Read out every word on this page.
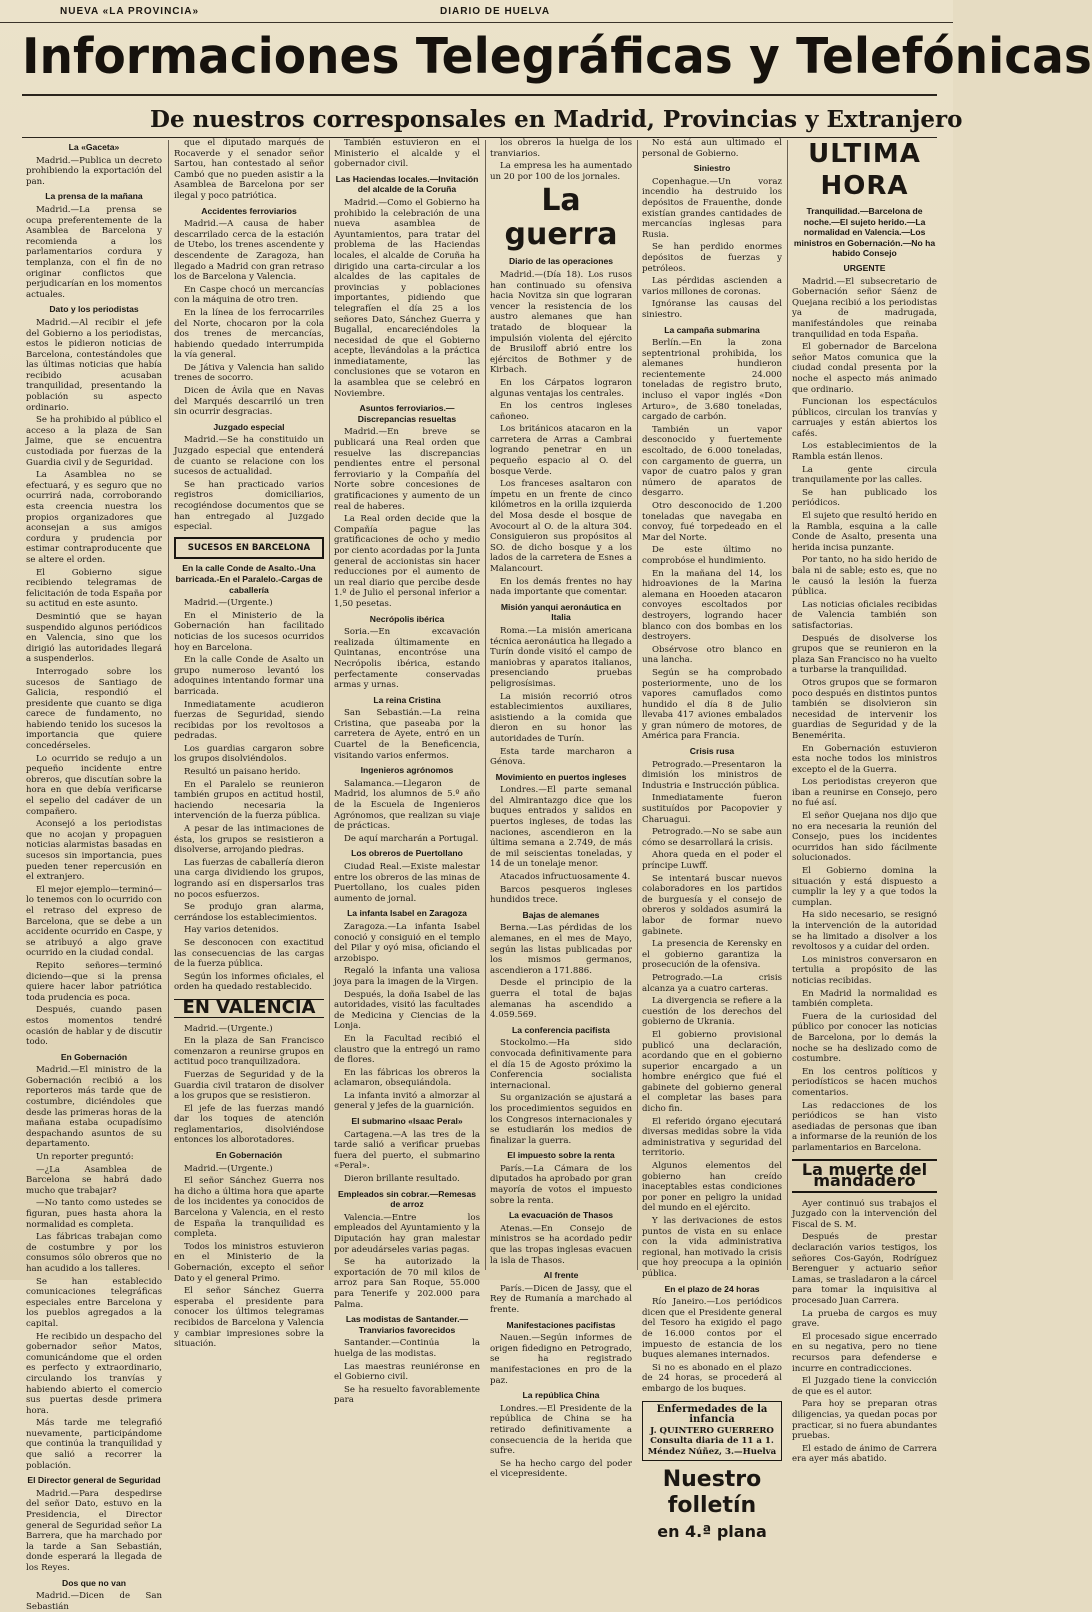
NUEVA «LA PROVINCIA»	DIARIO DE HUELVA
Informaciones Telegráficas y Telefónicas
De nuestros corresponsales en Madrid, Provincias y Extranjero
La «Gaceta»

Madrid.—Publica un decreto prohibiendo la exportación del pan.

La prensa de la mañana

Madrid.—La prensa se ocupa preferentemente de la Asamblea de Barcelona y recomienda a los parlamentarios cordura y templanza, con el fin de no originar conflictos que perjudicarían en los momentos actuales.

Dato y los periodistas

Madrid.—Al recibir el jefe del Gobierno a los periodistas, estos le pidieron noticias de Barcelona, contestándoles que las últimas noticias que había recibido acusaban tranquilidad, presentando la población su aspecto ordinario.

Se ha prohibido al público el acceso a la plaza de San Jaime, que se encuentra custodiada por fuerzas de la Guardia civil y de Seguridad.

La Asamblea no se efectuará, y es seguro que no ocurrirá nada, corroborando esta creencia nuestra los propios organizadores que aconsejan a sus amigos cordura y prudencia por estimar contraproducente que se altere el orden.

El Gobierno sigue recibiendo telegramas de felicitación de toda España por su actitud en este asunto.

Desmintió que se hayan suspendido algunos periódicos en Valencia, sino que los dirigió las autoridades llegará a suspenderlos.

Interrogado sobre los sucesos de Santiago de Galicia, respondió el presidente que cuanto se diga carece de fundamento, no habiendo tenido los sucesos la importancia que quiere concedérseles.

Lo ocurrido se redujo a un pequeño incidente entre obreros, que discutían sobre la hora en que debía verificarse el sepelio del cadáver de un compañero.

Aconsejó a los periodistas que no acojan y propaguen noticias alarmistas basadas en sucesos sin importancia, pues pueden tener repercusión en el extranjero.

El mejor ejemplo—terminó—lo tenemos con lo ocurrido con el retraso del expreso de Barcelona, que se debe a un accidente ocurrido en Caspe, y se atribuyó a algo grave ocurrido en la ciudad condal.

Repito señores—terminó diciendo—que si la prensa quiere hacer labor patriótica toda prudencia es poca.

Después, cuando pasen estos momentos tendré ocasión de hablar y de discutir todo.

En Gobernación

Madrid.—El ministro de la Gobernación recibió a los reporteros más tarde que de costumbre, diciéndoles que desde las primeras horas de la mañana estaba ocupadísimo despachando asuntos de su departamento.

Un reporter preguntó:

—¿La Asamblea de Barcelona se habrá dado mucho que trabajar?

—No tanto como ustedes se figuran, pues hasta ahora la normalidad es completa.

Las fábricas trabajan como de costumbre y por los consumos sólo obreros que no han acudido a los talleres.

Se han establecido comunicaciones telegráficas especiales entre Barcelona y los pueblos agregados a la capital.

He recibido un despacho del gobernador señor Matos, comunicándome que el orden es perfecto y extraordinario, circulando los tranvías y habiendo abierto el comercio sus puertas desde primera hora.

Más tarde me telegrafió nuevamente, participándome que continúa la tranquilidad y que salió a recorrer la población.

El Director general de Seguridad

Madrid.—Para despedirse del señor Dato, estuvo en la Presidencia, el Director general de Seguridad señor La Barrera, que ha marchado por la tarde a San Sebastián, donde esperará la llegada de los Reyes.

Dos que no van

Madrid.—Dicen de San Sebastián

que el diputado marqués de Rocaverde y el senador señor Sartou, han contestado al señor Cambó que no pueden asistir a la Asamblea de Barcelona por ser ilegal y poco patriótica.

Accidentes ferroviarios

Madrid.—A causa de haber descarrilado cerca de la estación de Utebo, los trenes ascendente y descendente de Zaragoza, han llegado a Madrid con gran retraso los de Barcelona y Valencia.

En Caspe chocó un mercancías con la máquina de otro tren.

En la línea de los ferrocarriles del Norte, chocaron por la cola dos trenes de mercancías, habiendo quedado interrumpida la vía general.

De Játiva y Valencia han salido trenes de socorro.

Dicen de Ávila que en Navas del Marqués descarriló un tren sin ocurrir desgracias.

Juzgado especial

Madrid.—Se ha constituido un Juzgado especial que entenderá de cuanto se relacione con los sucesos de actualidad.

Se han practicado varios registros domiciliarios, recogiéndose documentos que se han entregado al Juzgado especial.

SUCESOS EN BARCELONA
En la calle Conde de Asalto.-Una barricada.-En el Paralelo.-Cargas de caballería

Madrid.—(Urgente.)

En el Ministerio de la Gobernación han facilitado noticias de los sucesos ocurridos hoy en Barcelona.

En la calle Conde de Asalto un grupo numeroso levantó los adoquines intentando formar una barricada.

Inmediatamente acudieron fuerzas de Seguridad, siendo recibidas por los revoltosos a pedradas.

Los guardias cargaron sobre los grupos disolviéndolos.

Resultó un paisano herido.

En el Paralelo se reunieron también grupos en actitud hostil, haciendo necesaria la intervención de la fuerza pública.

A pesar de las intimaciones de ésta, los grupos se resistieron a disolverse, arrojando piedras.

Las fuerzas de caballería dieron una carga dividiendo los grupos, logrando así en dispersarlos tras no pocos esfuerzos.

Se produjo gran alarma, cerrándose los establecimientos.

Hay varios detenidos.

Se desconocen con exactitud las consecuencias de las cargas de la fuerza pública.

Según los informes oficiales, el orden ha quedado restablecido.

EN VALENCIA

Madrid.—(Urgente.)

En la plaza de San Francisco comenzaron a reunirse grupos en actitud poco tranquilizadora.

Fuerzas de Seguridad y de la Guardia civil trataron de disolver a los grupos que se resistieron.

El jefe de las fuerzas mandó dar los toques de atención reglamentarios, disolviéndose entonces los alborotadores.

En Gobernación

Madrid.—(Urgente.)

El señor Sánchez Guerra nos ha dicho a última hora que aparte de los incidentes ya conocidos de Barcelona y Valencia, en el resto de España la tranquilidad es completa.

Todos los ministros estuvieron en el Ministerio de la Gobernación, excepto el señor Dato y el general Primo.

El señor Sánchez Guerra esperaba el presidente para conocer los últimos telegramas recibidos de Barcelona y Valencia y cambiar impresiones sobre la situación.

También estuvieron en el Ministerio el alcalde y el gobernador civil.

Las Haciendas locales.—Invitación del alcalde de la Coruña

Madrid.—Como el Gobierno ha prohibido la celebración de una nueva asamblea de Ayuntamientos, para tratar del problema de las Haciendas locales, el alcalde de Coruña ha dirigido una carta-circular a los alcaldes de las capitales de provincias y poblaciones importantes, pidiendo que telegrafíen el día 25 a los señores Dato, Sánchez Guerra y Bugallal, encareciéndoles la necesidad de que el Gobierno acepte, llevándolas a la práctica inmediatamente, las conclusiones que se votaron en la asamblea que se celebró en Noviembre.

Asuntos ferroviarios.—Discrepancias resueltas

Madrid.—En breve se publicará una Real orden que resuelve las discrepancias pendientes entre el personal ferroviario y la Compañía del Norte sobre concesiones de gratificaciones y aumento de un real de haberes.

La Real orden decide que la Compañía pague las gratificaciones de ocho y medio por ciento acordadas por la Junta general de accionistas sin hacer reducciones por el aumento de un real diario que percibe desde 1.º de Julio el personal inferior a 1,50 pesetas.

Necrópolis ibérica

Soria.—En excavación realizada últimamente en Quintanas, encontróse una Necrópolis ibérica, estando perfectamente conservadas armas y urnas.

La reina Cristina

San Sebastián.—La reina Cristina, que paseaba por la carretera de Ayete, entró en un Cuartel de la Beneficencia, visitando varios enfermos.

Ingenieros agrónomos

Salamanca.—Llegaron de Madrid, los alumnos de 5.º año de la Escuela de Ingenieros Agrónomos, que realizan su viaje de prácticas.

De aquí marcharán a Portugal.

Los obreros de Puertollano

Ciudad Real.—Existe malestar entre los obreros de las minas de Puertollano, los cuales piden aumento de jornal.

La infanta Isabel en Zaragoza

Zaragoza.—La infanta Isabel conoció y consiguió en el templo del Pilar y oyó misa, oficiando el arzobispo.

Regaló la infanta una valiosa joya para la imagen de la Virgen.

Después, la doña Isabel de las autoridades, visitó las facultades de Medicina y Ciencias de la Lonja.

En la Facultad recibió el claustro que la entregó un ramo de flores.

En las fábricas los obreros la aclamaron, obsequiándola.

La infanta invitó a almorzar al general y jefes de la guarnición.

El submarino «Isaac Peral»

Cartagena.—A las tres de la tarde salió a verificar pruebas fuera del puerto, el submarino «Peral».

Dieron brillante resultado.

Empleados sin cobrar.—Remesas de arroz

Valencia.—Entre los empleados del Ayuntamiento y la Diputación hay gran malestar por adeudárseles varias pagas.

Se ha autorizado la exportación de 70 mil kilos de arroz para San Roque, 55.000 para Tenerife y 202.000 para Palma.

Las modistas de Santander.—Tranviarios favorecidos

Santander.—Continúa la huelga de las modistas.

Las maestras reuniéronse en el Gobierno civil.

Se ha resuelto favorablemente para

los obreros la huelga de los tranviarios.

La empresa les ha aumentado un 20 por 100 de los jornales.

La guerra
Diario de las operaciones

Madrid.—(Día 18). Los rusos han continuado su ofensiva hacia Novitza sin que lograran vencer la resistencia de los austro alemanes que han tratado de bloquear la impulsión violenta del ejército de Brusiloff abrió entre los ejércitos de Bothmer y de Kirbach.

En los Cárpatos lograron algunas ventajas los centrales.

En los centros ingleses cañoneo.

Los británicos atacaron en la carretera de Arras a Cambrai logrando penetrar en un pequeño espacio al O. del bosque Verde.

Los franceses asaltaron con ímpetu en un frente de cinco kilómetros en la orilla izquierda del Mosa desde el bosque de Avocourt al O. de la altura 304. Consiguieron sus propósitos al SO. de dicho bosque y a los lados de la carretera de Esnes a Malancourt.

En los demás frentes no hay nada importante que comentar.

Misión yanqui aeronáutica en Italia

Roma.—La misión americana técnica aeronáutica ha llegado a Turín donde visitó el campo de maniobras y aparatos italianos, presenciando pruebas peligrosísimas.

La misión recorrió otros establecimientos auxiliares, asistiendo a la comida que dieron en su honor las autoridades de Turín.

Esta tarde marcharon a Génova.

Movimiento en puertos ingleses

Londres.—El parte semanal del Almirantazgo dice que los buques entrados y salidos en puertos ingleses, de todas las naciones, ascendieron en la última semana a 2.749, de más de mil seiscientas toneladas, y 14 de un tonelaje menor.

Atacados infructuosamente 4.

Barcos pesqueros ingleses hundidos trece.

Bajas de alemanes

Berna.—Las pérdidas de los alemanes, en el mes de Mayo, según las listas publicadas por los mismos germanos, ascendieron a 171.886.

Desde el principio de la guerra el total de bajas alemanas ha ascendido a 4.059.569.

La conferencia pacifista

Stockolmo.—Ha sido convocada definitivamente para el día 15 de Agosto próximo la Conferencia socialista internacional.

Su organización se ajustará a los procedimientos seguidos en los Congresos internacionales y se estudiarán los medios de finalizar la guerra.

El impuesto sobre la renta

París.—La Cámara de los diputados ha aprobado por gran mayoría de votos el impuesto sobre la renta.

La evacuación de Thasos

Atenas.—En Consejo de ministros se ha acordado pedir que las tropas inglesas evacuen la isla de Thasos.

Al frente

París.—Dicen de Jassy, que el Rey de Rumanía a marchado al frente.

Manifestaciones pacifistas

Nauen.—Según informes de origen fidedigno en Petrogrado, se ha registrado manifestaciones en pro de la paz.

La república China

Londres.—El Presidente de la república de China se ha retirado definitivamente a consecuencia de la herida que sufre.

Se ha hecho cargo del poder el vicepresidente.

No está aun ultimado el personal de Gobierno.

Siniestro

Copenhague.—Un voraz incendio ha destruido los depósitos de Frauenthe, donde existían grandes cantidades de mercancías inglesas para Rusia.

Se han perdido enormes depósitos de fuerzas y petróleos.

Las pérdidas ascienden a varios millones de coronas.

Ignóranse las causas del siniestro.

La campaña submarina

Berlín.—En la zona septentrional prohibida, los alemanes hundieron recientemente 24.000 toneladas de registro bruto, incluso el vapor inglés «Don Arturo», de 3.680 toneladas, cargado de carbón.

También un vapor desconocido y fuertemente escoltado, de 6.000 toneladas, con cargamento de guerra, un vapor de cuatro palos y gran número de aparatos de desgarro.

Otro desconocido de 1.200 toneladas que navegaba en convoy, fué torpedeado en el Mar del Norte.

De este último no comprobóse el hundimiento.

En la mañana del 14, los hidroaviones de la Marina alemana en Hooeden atacaron convoyes escoltados por destroyers, logrando hacer blanco con dos bombas en los destroyers.

Obsérvose otro blanco en una lancha.

Según se ha comprobado posteriormente, uno de los vapores camuflados como hundido el día 8 de Julio llevaba 417 aviones embalados y gran número de motores, de América para Francia.

Crisis rusa

Petrogrado.—Presentaron la dimisión los ministros de Industria e Instrucción pública.

Inmediatamente fueron sustituídos por Pacopovier y Charuagui.

Petrogrado.—No se sabe aun cómo se desarrollará la crisis.

Ahora queda en el poder el príncipe Luwff.

Se intentará buscar nuevos colaboradores en los partidos de burguesía y el consejo de obreros y soldados asumirá la labor de formar nuevo gabinete.

La presencia de Kerensky en el gobierno garantiza la prosecución de la ofensiva.

Petrogrado.—La crisis alcanza ya a cuatro carteras.

La divergencia se refiere a la cuestión de los derechos del gobierno de Ukrania.

El gobierno provisional publicó una declaración, acordando que en el gobierno superior encargado a un hombre enérgico que fué el gabinete del gobierno general el completar las bases para dicho fin.

El referido órgano ejecutará diversas medidas sobre la vida administrativa y seguridad del territorio.

Algunos elementos del gobierno han creído inaceptables estas condiciones por poner en peligro la unidad del mundo en el ejército.

Y las derivaciones de estos puntos de vista en su enlace con la vida administrativa regional, han motivado la crisis que hoy preocupa a la opinión pública.

En el plazo de 24 horas

Río Janeiro.—Los periódicos dicen que el Presidente general del Tesoro ha exigido el pago de 16.000 contos por el impuesto de estancia de los buques alemanes internados.

Si no es abonado en el plazo de 24 horas, se procederá al embargo de los buques.

Enfermedades de la infancia
J. QUINTERO GUERRERO
Consulta diaria de 11 a 1.
Méndez Núñez, 3.—Huelva
Nuestro folletín
en 4.ª plana
ULTIMA HORA
Tranquilidad.—Barcelona de noche.—El sujeto herido.—La normalidad en Valencia.—Los ministros en Gobernación.—No ha habido Consejo
URGENTE

Madrid.—El subsecretario de Gobernación señor Sáenz de Quejana recibió a los periodistas ya de madrugada, manifestándoles que reinaba tranquilidad en toda España.

El gobernador de Barcelona señor Matos comunica que la ciudad condal presenta por la noche el aspecto más animado que ordinario.

Funcionan los espectáculos públicos, circulan los tranvías y carruajes y están abiertos los cafés.

Los establecimientos de la Rambla están llenos.

La gente circula tranquilamente por las calles.

Se han publicado los periódicos.

El sujeto que resultó herido en la Rambla, esquina a la calle Conde de Asalto, presenta una herida incisa punzante.

Por tanto, no ha sido herido de bala ni de sable; esto es, que no le causó la lesión la fuerza pública.

Las noticias oficiales recibidas de Valencia también son satisfactorias.

Después de disolverse los grupos que se reunieron en la plaza San Francisco no ha vuelto a turbarse la tranquilidad.

Otros grupos que se formaron poco después en distintos puntos también se disolvieron sin necesidad de intervenir los guardias de Seguridad y de la Benemérita.

En Gobernación estuvieron esta noche todos los ministros excepto el de la Guerra.

Los periodistas creyeron que iban a reunirse en Consejo, pero no fué así.

El señor Quejana nos dijo que no era necesaria la reunión del Consejo, pues los incidentes ocurridos han sido fácilmente solucionados.

El Gobierno domina la situación y está dispuesto a cumplir la ley y a que todos la cumplan.

Ha sido necesario, se resignó la intervención de la autoridad se ha limitado a disolver a los revoltosos y a cuidar del orden.

Los ministros conversaron en tertulia a propósito de las noticias recibidas.

En Madrid la normalidad es también completa.

Fuera de la curiosidad del público por conocer las noticias de Barcelona, por lo demás la noche se ha deslizado como de costumbre.

En los centros políticos y periodísticos se hacen muchos comentarios.

Las redacciones de los periódicos se han visto asediadas de personas que iban a informarse de la reunión de los parlamentarios en Barcelona.

La muerte del mandadero

Ayer continuó sus trabajos el Juzgado con la intervención del Fiscal de S. M.

Después de prestar declaración varios testigos, los señores Cos-Gayón, Rodríguez Berenguer y actuario señor Lamas, se trasladaron a la cárcel para tomar la inquisitiva al procesado Juan Carrera.

La prueba de cargos es muy grave.

El procesado sigue encerrado en su negativa, pero no tiene recursos para defenderse e incurre en contradicciones.

El Juzgado tiene la convicción de que es el autor.

Para hoy se preparan otras diligencias, ya quedan pocas por practicar, si no fuera abundantes pruebas.

El estado de ánimo de Carrera era ayer más abatido.
